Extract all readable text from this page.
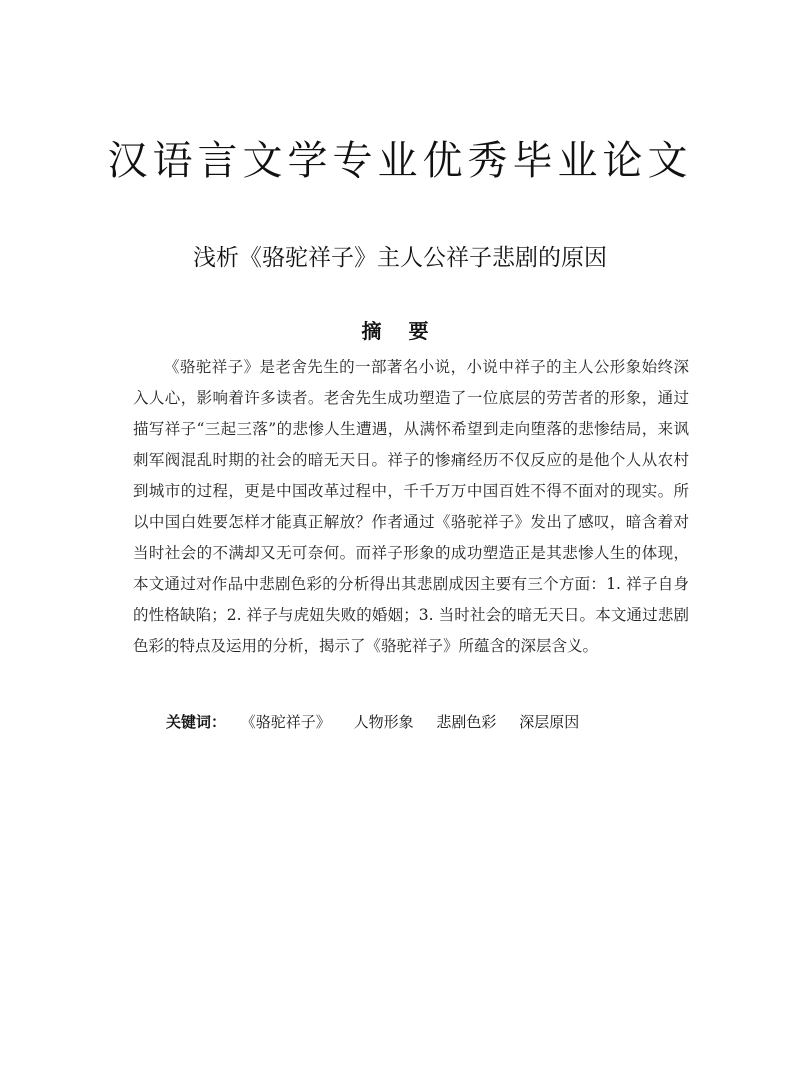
汉语言文学专业优秀毕业论文
浅析《骆驼祥子》主人公祥子悲剧的原因
摘 要
《骆驼祥子》是老舍先生的一部著名小说，小说中祥子的主人公形象始终深入人心，影响着许多读者。老舍先生成功塑造了一位底层的劳苦者的形象，通过描写祥子“三起三落”的悲惨人生遭遇，从满怀希望到走向堕落的悲惨结局，来讽刺军阀混乱时期的社会的暗无天日。祥子的惨痛经历不仅反应的是他个人从农村到城市的过程，更是中国改革过程中，千千万万中国百姓不得不面对的现实。所以中国白姓要怎样才能真正解放？作者通过《骆驼祥子》发出了感叹，暗含着对当时社会的不满却又无可奈何。而祥子形象的成功塑造正是其悲惨人生的体现，本文通过对作品中悲剧色彩的分析得出其悲剧成因主要有三个方面：1. 祥子自身的性格缺陷；2. 祥子与虎妞失败的婚姻；3. 当时社会的暗无天日。本文通过悲剧色彩的特点及运用的分析，揭示了《骆驼祥子》所蕴含的深层含义。
关键词： 《骆驼祥子》 人物形象 悲剧色彩 深层原因
